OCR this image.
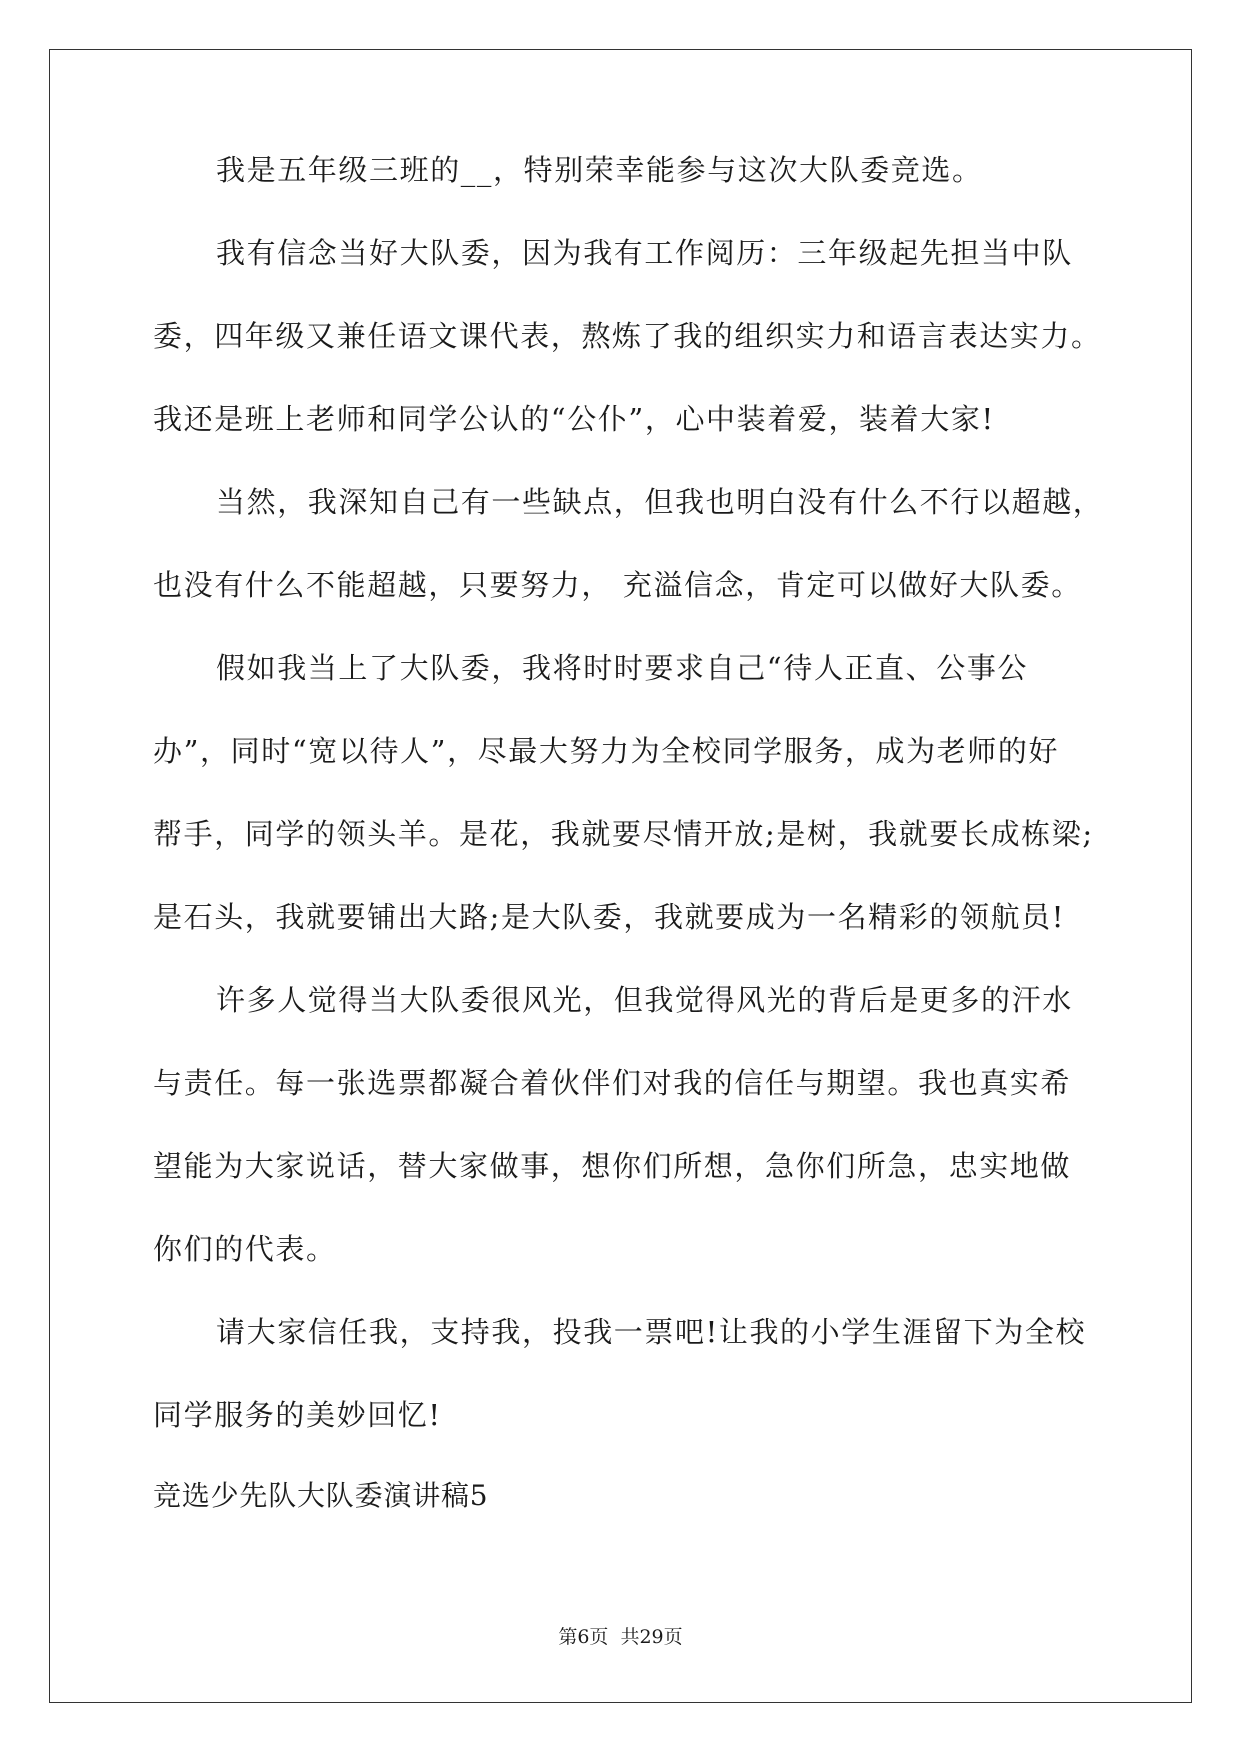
我是五年级三班的__，特别荣幸能参与这次大队委竞选。
我有信念当好大队委，因为我有工作阅历：三年级起先担当中队
委，四年级又兼任语文课代表，熬炼了我的组织实力和语言表达实力。
我还是班上老师和同学公认的“公仆”，心中装着爱，装着大家!
当然，我深知自己有一些缺点，但我也明白没有什么不行以超越，
也没有什么不能超越，只要努力， 充溢信念，肯定可以做好大队委。
假如我当上了大队委，我将时时要求自己“待人正直、公事公
办”，同时“宽以待人”，尽最大努力为全校同学服务，成为老师的好
帮手，同学的领头羊。是花，我就要尽情开放;是树，我就要长成栋梁;
是石头，我就要铺出大路;是大队委，我就要成为一名精彩的领航员!
许多人觉得当大队委很风光，但我觉得风光的背后是更多的汗水
与责任。每一张选票都凝合着伙伴们对我的信任与期望。我也真实希
望能为大家说话，替大家做事，想你们所想，急你们所急，忠实地做
你们的代表。
请大家信任我，支持我，投我一票吧!让我的小学生涯留下为全校
同学服务的美妙回忆!
竞选少先队大队委演讲稿5
第6页 共29页
